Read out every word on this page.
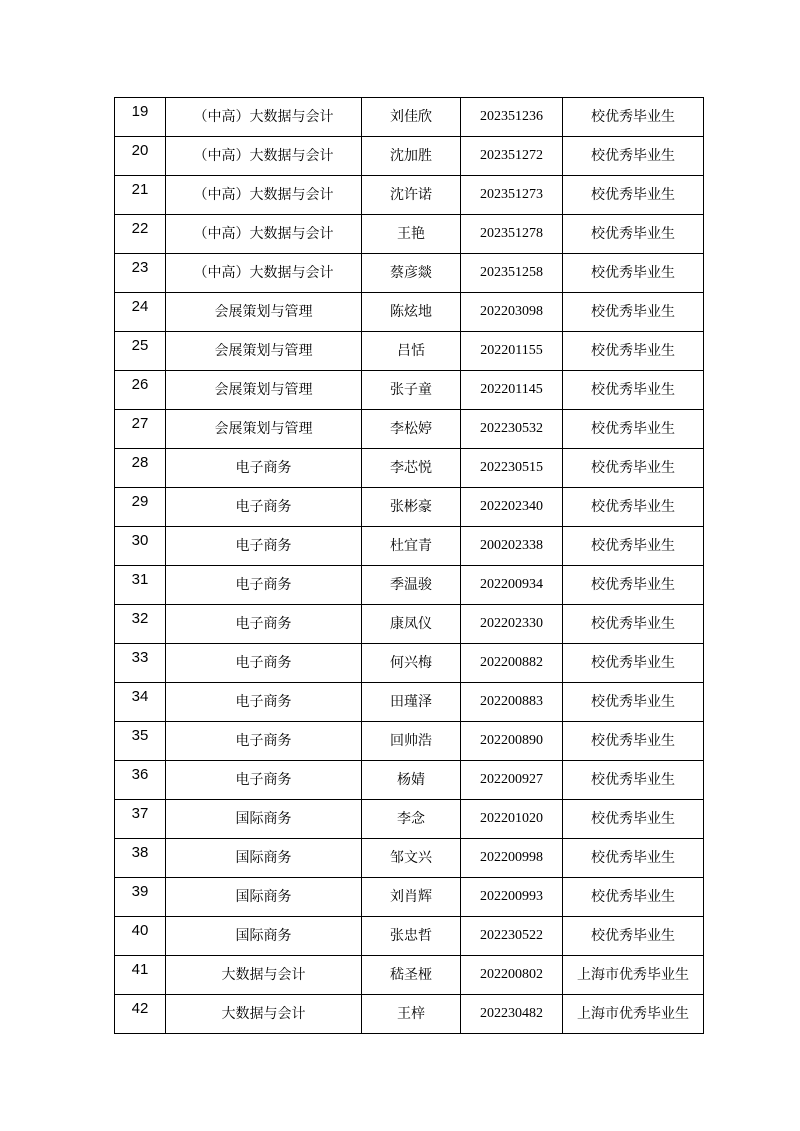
19	（中高）大数据与会计	刘佳欣	202351236	校优秀毕业生
20	（中高）大数据与会计	沈加胜	202351272	校优秀毕业生
21	（中高）大数据与会计	沈许诺	202351273	校优秀毕业生
22	（中高）大数据与会计	王艳	202351278	校优秀毕业生
23	（中高）大数据与会计	蔡彦燚	202351258	校优秀毕业生
24	会展策划与管理	陈炫地	202203098	校优秀毕业生
25	会展策划与管理	吕恬	202201155	校优秀毕业生
26	会展策划与管理	张子童	202201145	校优秀毕业生
27	会展策划与管理	李松婷	202230532	校优秀毕业生
28	电子商务	李芯悦	202230515	校优秀毕业生
29	电子商务	张彬豪	202202340	校优秀毕业生
30	电子商务	杜宜青	200202338	校优秀毕业生
31	电子商务	季温骏	202200934	校优秀毕业生
32	电子商务	康凤仪	202202330	校优秀毕业生
33	电子商务	何兴梅	202200882	校优秀毕业生
34	电子商务	田瑾泽	202200883	校优秀毕业生
35	电子商务	回帅浩	202200890	校优秀毕业生
36	电子商务	杨婧	202200927	校优秀毕业生
37	国际商务	李念	202201020	校优秀毕业生
38	国际商务	邹文兴	202200998	校优秀毕业生
39	国际商务	刘肖辉	202200993	校优秀毕业生
40	国际商务	张忠哲	202230522	校优秀毕业生
41	大数据与会计	嵇圣桠	202200802	上海市优秀毕业生
42	大数据与会计	王梓	202230482	上海市优秀毕业生
